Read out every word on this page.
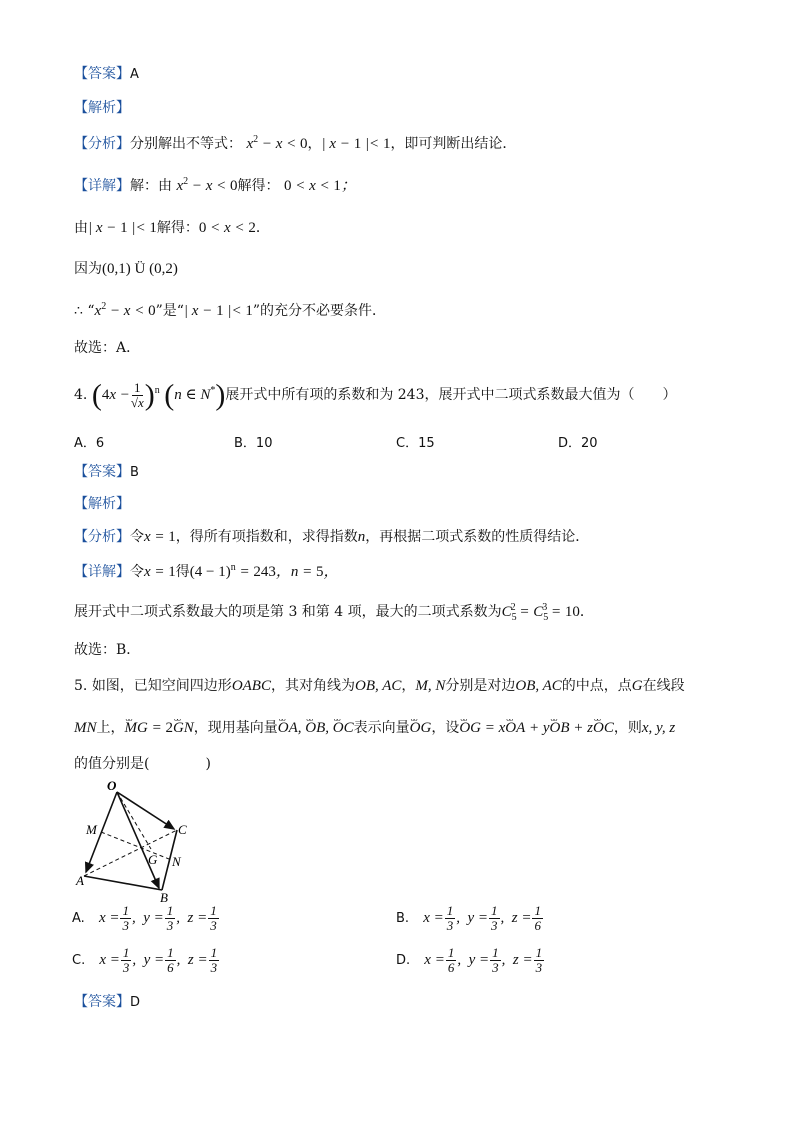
【答案】A
【解析】
【分析】分别解出不等式： $x^2 - x < 0$，| x − 1 |< 1，即可判断出结论．
【详解】解：由 $x^2 - x < 0$解得： 0 < x < 1；
由| x − 1 |< 1解得：0 < x < 2．
因为(0,1) Ü (0,2)
∴ “$x^2 - x < 0$”是“| x − 1 |< 1”的充分不必要条件．
故选：A．
4. $(4x - \frac{1}{√x} )^n$ (n ∈ N*)展开式中所有项的系数和为 243，展开式中二项式系数最大值为（　　）
A．6	B．10	C．15	D．20
【答案】B
【解析】
【分析】令x = 1，得所有项指数和，求得指数n，再根据二项式系数的性质得结论．
【详解】令x = 1得$(4 - 1)^n = 243$，n = 5，
展开式中二项式系数最大的项是第 3 和第 4 项，最大的二项式系数为$C_5^2 = C_5^3 = 10$．
故选：B．
5. 如图，已知空间四边形OABC，其对角线为OB, AC，M, N分别是对边OB, AC的中点，点G在线段
MN上，ᴗᴗ MG = 2ᴗᴗ GN，现用基向量ᴗᴗ OA, ᴗᴗ OB, ᴗᴗ OC表示向量ᴗᴗ OG，设ᴗᴗ OG = xᴗᴗ OA + yᴗᴗ OB + zᴗᴗ OC，则x, y, z
的值分别是(　　　　)
O
M	C
G N
A
B
A. $x = \frac{1}{3}$ ,  $y = \frac{1}{3}$ ,  $z = \frac{1}{3}$	B. $x = \frac{1}{3}$ ,  $y = \frac{1}{3}$ ,  $z = \frac{1}{6}$
C. $x = \frac{1}{3}$ ,  $y = \frac{1}{6}$ ,  $z = \frac{1}{3}$	D. $x = \frac{1}{6}$ ,  $y = \frac{1}{3}$ ,  $z = \frac{1}{3}$
【答案】D
